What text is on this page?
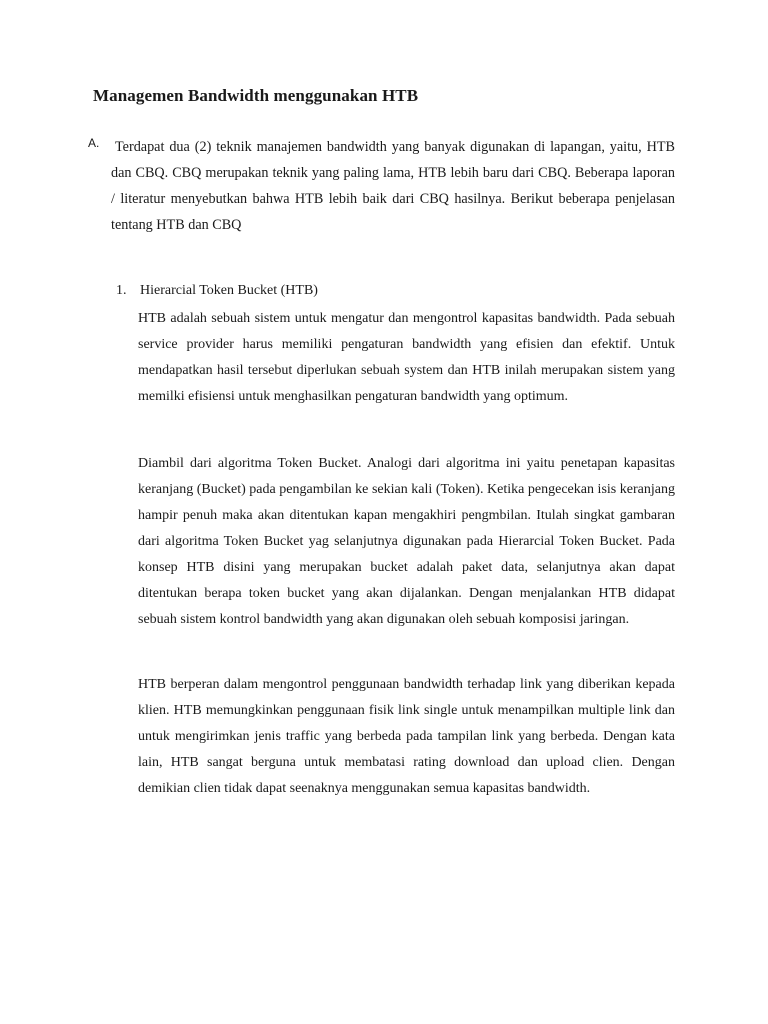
Managemen Bandwidth menggunakan HTB
A. Terdapat dua (2) teknik manajemen bandwidth yang banyak digunakan di lapangan, yaitu, HTB dan CBQ. CBQ merupakan teknik yang paling lama, HTB lebih baru dari CBQ. Beberapa laporan / literatur menyebutkan bahwa HTB lebih baik dari CBQ hasilnya. Berikut beberapa penjelasan tentang HTB dan CBQ
1. Hierarcial Token Bucket (HTB)

HTB adalah sebuah sistem untuk mengatur dan mengontrol kapasitas bandwidth. Pada sebuah service provider harus memiliki pengaturan bandwidth yang efisien dan efektif. Untuk mendapatkan hasil tersebut diperlukan sebuah system dan HTB inilah merupakan sistem yang memilki efisiensi untuk menghasilkan pengaturan bandwidth yang optimum.

Diambil dari algoritma Token Bucket. Analogi dari algoritma ini yaitu penetapan kapasitas keranjang (Bucket) pada pengambilan ke sekian kali (Token). Ketika pengecekan isis keranjang hampir penuh maka akan ditentukan kapan mengakhiri pengmbilan. Itulah singkat gambaran dari algoritma Token Bucket yag selanjutnya digunakan pada Hierarcial Token Bucket. Pada konsep HTB disini yang merupakan bucket adalah paket data, selanjutnya akan dapat ditentukan berapa token bucket yang akan dijalankan. Dengan menjalankan HTB didapat sebuah sistem kontrol bandwidth yang akan digunakan oleh sebuah komposisi jaringan.

HTB berperan dalam mengontrol penggunaan bandwidth terhadap link yang diberikan kepada klien. HTB memungkinkan penggunaan fisik link single untuk menampilkan multiple link dan untuk mengirimkan jenis traffic yang berbeda pada tampilan link yang berbeda. Dengan kata lain, HTB sangat berguna untuk membatasi rating download dan upload clien. Dengan demikian clien tidak dapat seenaknya menggunakan semua kapasitas bandwidth.
